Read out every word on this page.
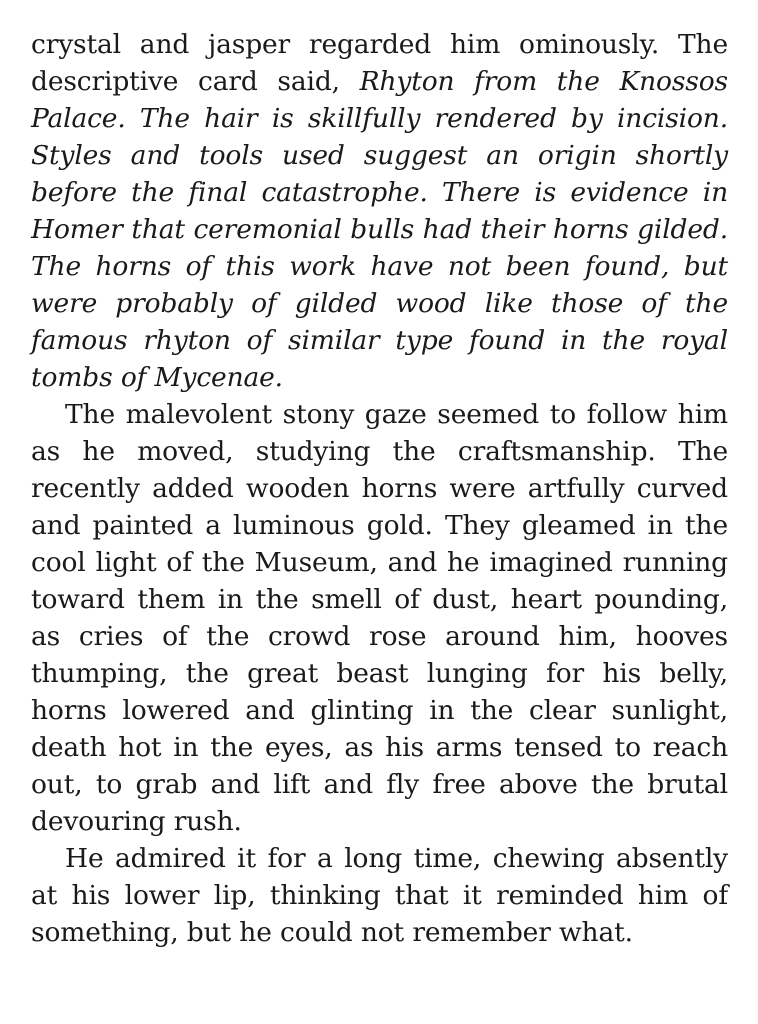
crystal and jasper regarded him ominously. The descriptive card said, Rhyton from the Knossos Palace. The hair is skillfully rendered by incision. Styles and tools used suggest an origin shortly before the final catastrophe. There is evidence in Homer that ceremonial bulls had their horns gilded. The horns of this work have not been found, but were probably of gilded wood like those of the famous rhyton of similar type found in the royal tombs of Mycenae.

The malevolent stony gaze seemed to follow him as he moved, studying the craftsmanship. The recently added wooden horns were artfully curved and painted a luminous gold. They gleamed in the cool light of the Museum, and he imagined running toward them in the smell of dust, heart pounding, as cries of the crowd rose around him, hooves thumping, the great beast lunging for his belly, horns lowered and glinting in the clear sunlight, death hot in the eyes, as his arms tensed to reach out, to grab and lift and fly free above the brutal devouring rush.

He admired it for a long time, chewing absently at his lower lip, thinking that it reminded him of something, but he could not remember what.
